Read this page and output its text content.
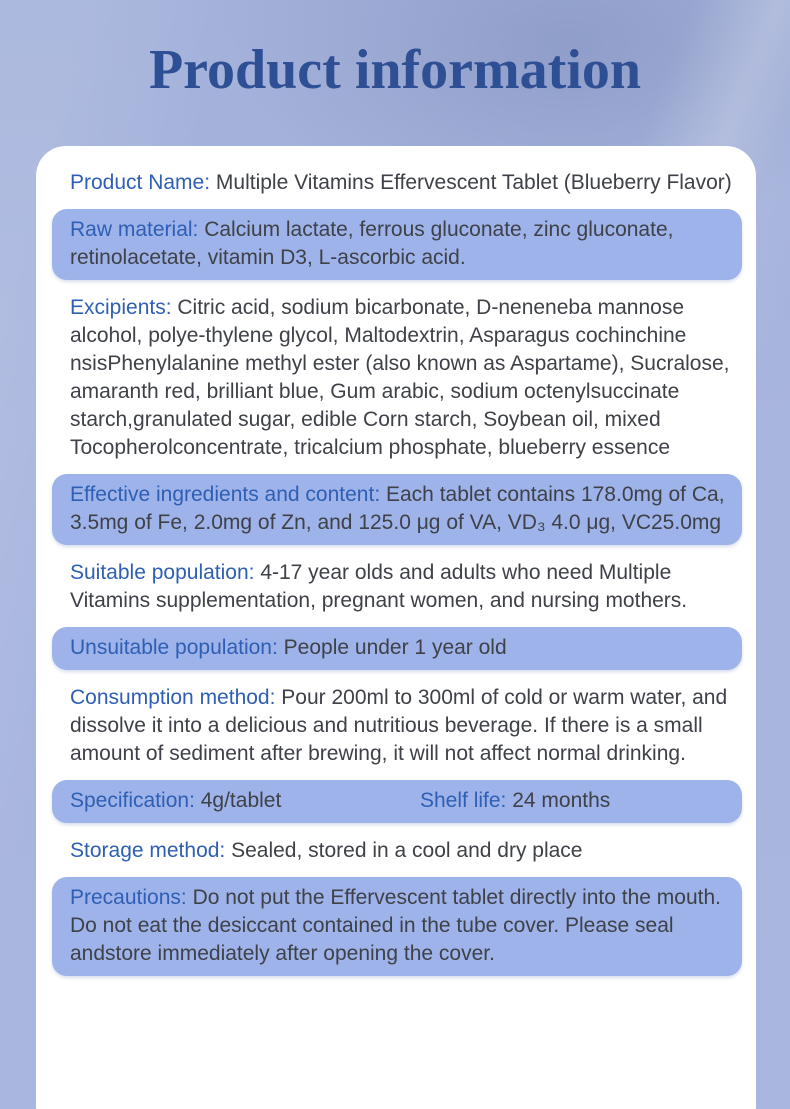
Product information
Product Name: Multiple Vitamins Effervescent Tablet (Blueberry Flavor)
Raw material: Calcium lactate, ferrous gluconate, zinc gluconate, retinolacetate, vitamin D3, L-ascorbic acid.
Excipients: Citric acid, sodium bicarbonate, D-neneneba mannose alcohol, polye-thylene glycol, Maltodextrin, Asparagus cochinchine nsisPhenylalanine methyl ester (also known as Aspartame), Sucralose, amaranth red, brilliant blue, Gum arabic, sodium octenylsuccinate starch,granulated sugar, edible Corn starch, Soybean oil, mixed Tocopherolconcentrate, tricalcium phosphate, blueberry essence
Effective ingredients and content: Each tablet contains 178.0mg of Ca, 3.5mg of Fe, 2.0mg of Zn, and 125.0 μg of VA, VD₃ 4.0 μg, VC25.0mg
Suitable population: 4-17 year olds and adults who need Multiple Vitamins supplementation, pregnant women, and nursing mothers.
Unsuitable population: People under 1 year old
Consumption method: Pour 200ml to 300ml of cold or warm water, and dissolve it into a delicious and nutritious beverage. If there is a small amount of sediment after brewing, it will not affect normal drinking.
Specification: 4g/tablet	Shelf life: 24 months
Storage method: Sealed, stored in a cool and dry place
Precautions: Do not put the Effervescent tablet directly into the mouth. Do not eat the desiccant contained in the tube cover. Please seal andstore immediately after opening the cover.
